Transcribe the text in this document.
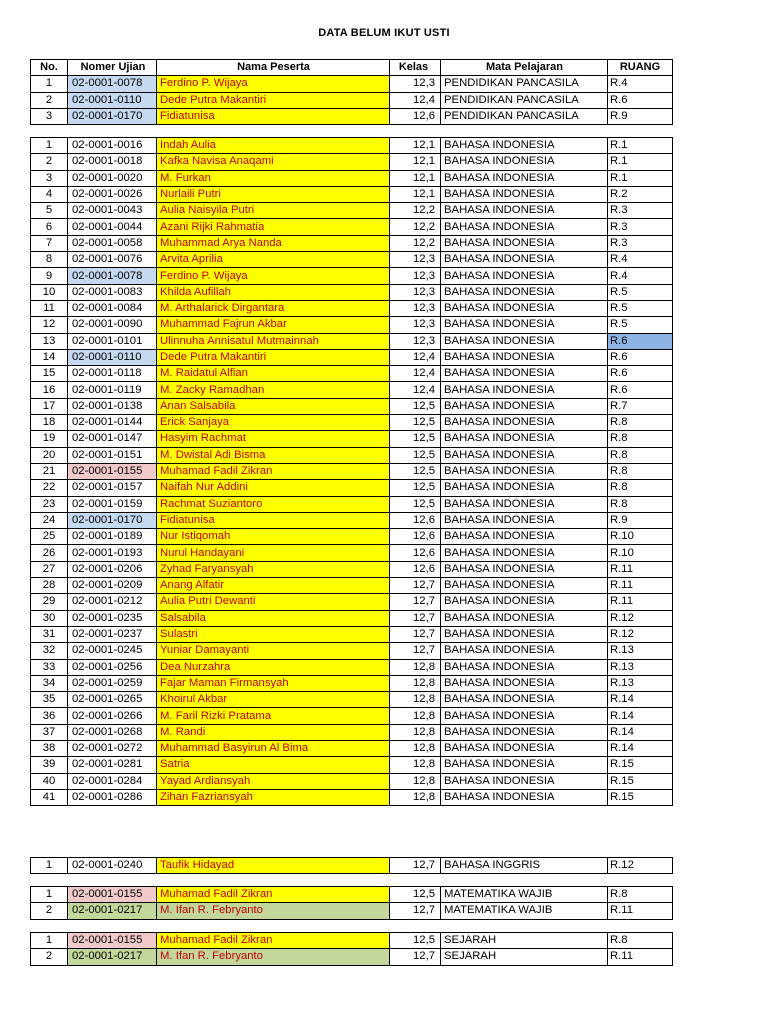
DATA BELUM IKUT USTI
No.	Nomer Ujian	Nama Peserta	Kelas	Mata Pelajaran	RUANG
1	02-0001-0078	Ferdino P. Wijaya	12,3	PENDIDIKAN PANCASILA	R.4
2	02-0001-0110	Dede Putra Makantiri	12,4	PENDIDIKAN PANCASILA	R.6
3	02-0001-0170	Fidiatunisa	12,6	PENDIDIKAN PANCASILA	R.9
1	02-0001-0016	Indah Aulia	12,1	BAHASA INDONESIA	R.1
2	02-0001-0018	Kafka Navisa Anaqami	12,1	BAHASA INDONESIA	R.1
3	02-0001-0020	M. Furkan	12,1	BAHASA INDONESIA	R.1
4	02-0001-0026	Nurlaili Putri	12,1	BAHASA INDONESIA	R.2
5	02-0001-0043	Aulia Naisyila Putri	12,2	BAHASA INDONESIA	R.3
6	02-0001-0044	Azani Rijki Rahmatia	12,2	BAHASA INDONESIA	R.3
7	02-0001-0058	Muhammad Arya Nanda	12,2	BAHASA INDONESIA	R.3
8	02-0001-0076	Arvita Aprilia	12,3	BAHASA INDONESIA	R.4
9	02-0001-0078	Ferdino P. Wijaya	12,3	BAHASA INDONESIA	R.4
10	02-0001-0083	Khilda Aufillah	12,3	BAHASA INDONESIA	R.5
11	02-0001-0084	M. Arthalarick Dirgantara	12,3	BAHASA INDONESIA	R.5
12	02-0001-0090	Muhammad Fajrun Akbar	12,3	BAHASA INDONESIA	R.5
13	02-0001-0101	Ulinnuha Annisatul Mutmainnah	12,3	BAHASA INDONESIA	R.6
14	02-0001-0110	Dede Putra Makantiri	12,4	BAHASA INDONESIA	R.6
15	02-0001-0118	M. Raidatul Alfian	12,4	BAHASA INDONESIA	R.6
16	02-0001-0119	M. Zacky Ramadhan	12,4	BAHASA INDONESIA	R.6
17	02-0001-0138	Anan Salsabila	12,5	BAHASA INDONESIA	R.7
18	02-0001-0144	Erick Sanjaya	12,5	BAHASA INDONESIA	R.8
19	02-0001-0147	Hasyim Rachmat	12,5	BAHASA INDONESIA	R.8
20	02-0001-0151	M. Dwistal Adi Bisma	12,5	BAHASA INDONESIA	R.8
21	02-0001-0155	Muhamad Fadil Zikran	12,5	BAHASA INDONESIA	R.8
22	02-0001-0157	Naifah Nur Addini	12,5	BAHASA INDONESIA	R.8
23	02-0001-0159	Rachmat Suziantoro	12,5	BAHASA INDONESIA	R.8
24	02-0001-0170	Fidiatunisa	12,6	BAHASA INDONESIA	R.9
25	02-0001-0189	Nur Istiqomah	12,6	BAHASA INDONESIA	R.10
26	02-0001-0193	Nurul Handayani	12,6	BAHASA INDONESIA	R.10
27	02-0001-0206	Zyhad Faryansyah	12,6	BAHASA INDONESIA	R.11
28	02-0001-0209	Anang Alfatir	12,7	BAHASA INDONESIA	R.11
29	02-0001-0212	Aulia Putri Dewanti	12,7	BAHASA INDONESIA	R.11
30	02-0001-0235	Salsabila	12,7	BAHASA INDONESIA	R.12
31	02-0001-0237	Sulastri	12,7	BAHASA INDONESIA	R.12
32	02-0001-0245	Yuniar Damayanti	12,7	BAHASA INDONESIA	R.13
33	02-0001-0256	Dea Nurzahra	12,8	BAHASA INDONESIA	R.13
34	02-0001-0259	Fajar Maman Firmansyah	12,8	BAHASA INDONESIA	R.13
35	02-0001-0265	Khoirul Akbar	12,8	BAHASA INDONESIA	R.14
36	02-0001-0266	M. Faril Rizki Pratama	12,8	BAHASA INDONESIA	R.14
37	02-0001-0268	M. Randi	12,8	BAHASA INDONESIA	R.14
38	02-0001-0272	Muhammad Basyirun Al Bima	12,8	BAHASA INDONESIA	R.14
39	02-0001-0281	Satria	12,8	BAHASA INDONESIA	R.15
40	02-0001-0284	Yayad Ardiansyah	12,8	BAHASA INDONESIA	R.15
41	02-0001-0286	Zihan Fazriansyah	12,8	BAHASA INDONESIA	R.15
1	02-0001-0240	Taufik Hidayad	12,7	BAHASA INGGRIS	R.12
1	02-0001-0155	Muhamad Fadil Zikran	12,5	MATEMATIKA WAJIB	R.8
2	02-0001-0217	M. Ifan R. Febryanto	12,7	MATEMATIKA WAJIB	R.11
1	02-0001-0155	Muhamad Fadil Zikran	12,5	SEJARAH	R.8
2	02-0001-0217	M. Ifan R. Febryanto	12,7	SEJARAH	R.11
